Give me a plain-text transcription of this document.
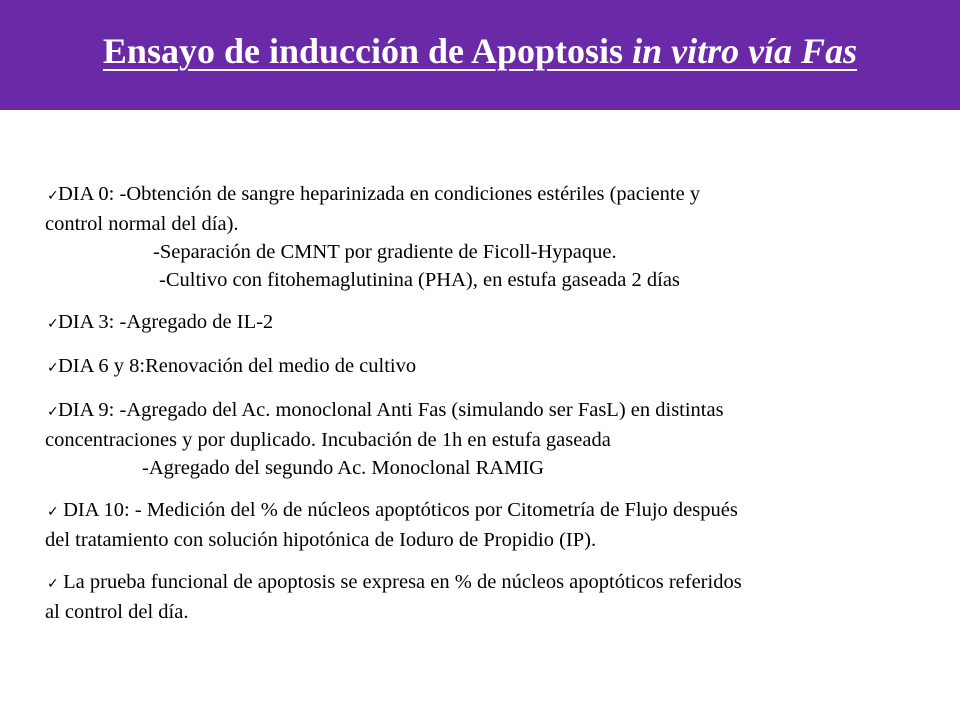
Ensayo de inducción de Apoptosis in vitro vía Fas
✓DIA 0: -Obtención de sangre heparinizada en condiciones estériles (paciente y
control normal del día).
-Separación de CMNT por gradiente de Ficoll-Hypaque.
-Cultivo con fitohemaglutinina (PHA), en estufa gaseada 2 días
✓DIA 3: -Agregado de IL-2
✓DIA 6 y 8:Renovación del medio de cultivo
✓DIA 9: -Agregado del Ac. monoclonal Anti Fas (simulando ser FasL) en distintas
concentraciones y por duplicado. Incubación de 1h en estufa gaseada
-Agregado del segundo Ac. Monoclonal RAMIG
✓ DIA 10: - Medición del % de núcleos apoptóticos por Citometría de Flujo después
del tratamiento con solución hipotónica de Ioduro de Propidio (IP).
✓ La prueba funcional de apoptosis se expresa en % de núcleos apoptóticos referidos
al control del día.
